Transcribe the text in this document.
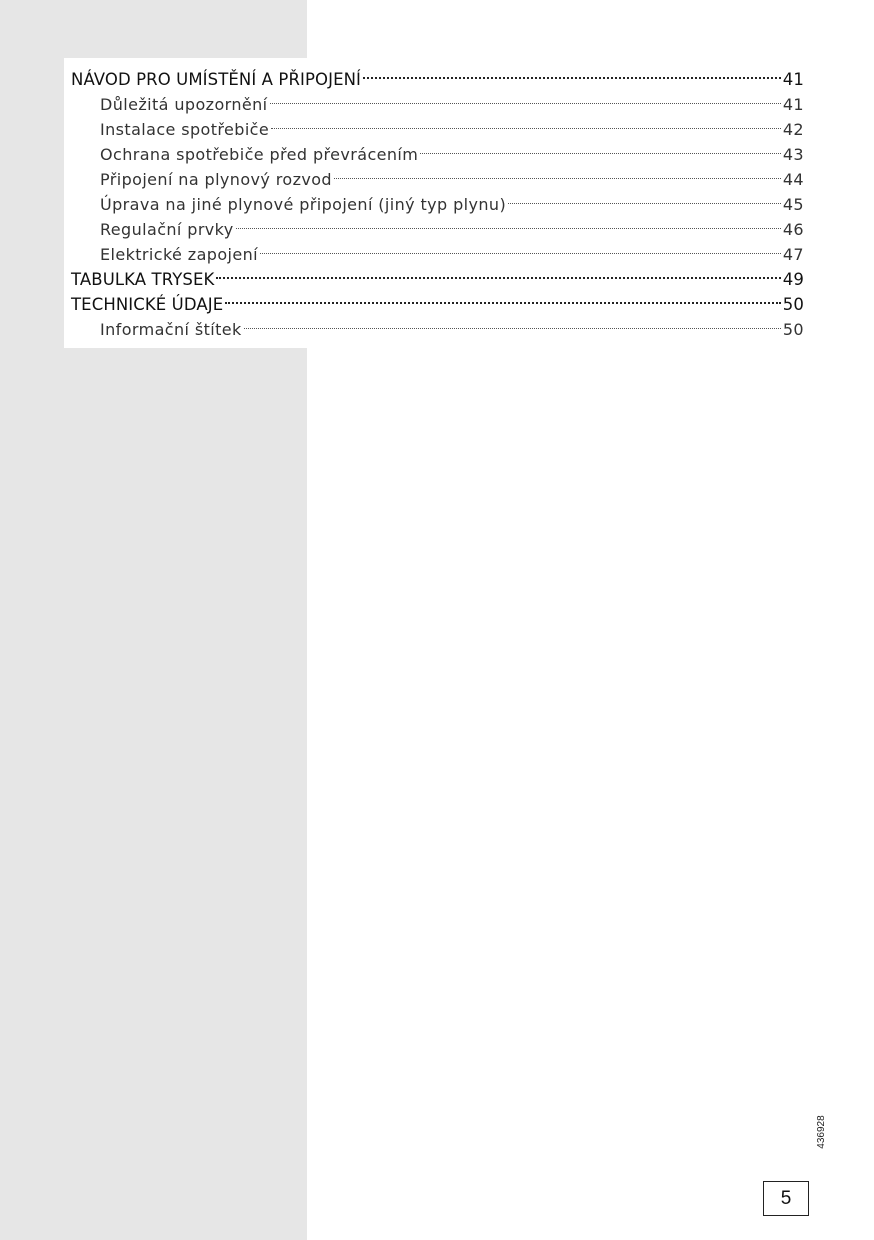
NÁVOD PRO UMÍSTĚNÍ A PŘIPOJENÍ	41
Důležitá upozornění	41
Instalace spotřebiče	42
Ochrana spotřebiče před převrácením	43
Připojení na plynový rozvod	44
Úprava na jiné plynové připojení (jiný typ plynu)	45
Regulační prvky	46
Elektrické zapojení	47
TABULKA TRYSEK	49
TECHNICKÉ ÚDAJE	50
Informační štítek	50
436928
5
